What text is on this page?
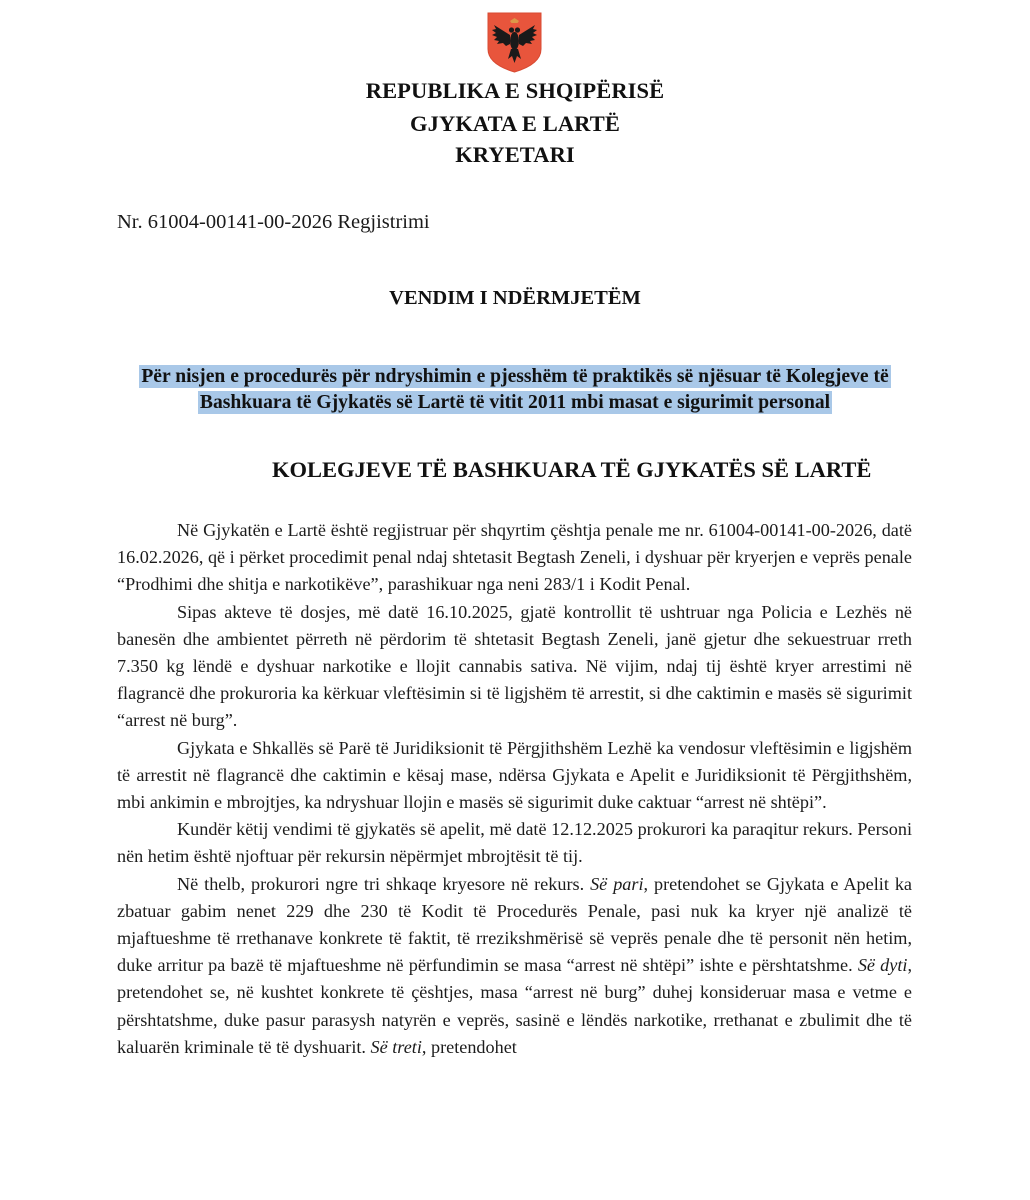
REPUBLIKA E SHQIPËRISË
GJYKATA E LARTË
KRYETARI
Nr. 61004-00141-00-2026 Regjistrimi
VENDIM I NDËRMJETËM
Për nisjen e procedurës për ndryshimin e pjesshëm të praktikës së njësuar të Kolegjeve të Bashkuara të Gjykatës së Lartë të vitit 2011 mbi masat e sigurimit personal
KOLEGJEVE TË BASHKUARA TË GJYKATËS SË LARTË

Në Gjykatën e Lartë është regjistruar për shqyrtim çështja penale me nr. 61004-00141-00-2026, datë 16.02.2026, që i përket procedimit penal ndaj shtetasit Begtash Zeneli, i dyshuar për kryerjen e veprës penale “Prodhimi dhe shitja e narkotikëve”, parashikuar nga neni 283/1 i Kodit Penal.

Sipas akteve të dosjes, më datë 16.10.2025, gjatë kontrollit të ushtruar nga Policia e Lezhës në banesën dhe ambientet përreth në përdorim të shtetasit Begtash Zeneli, janë gjetur dhe sekuestruar rreth 7.350 kg lëndë e dyshuar narkotike e llojit cannabis sativa. Në vijim, ndaj tij është kryer arrestimi në flagrancë dhe prokuroria ka kërkuar vleftësimin si të ligjshëm të arrestit, si dhe caktimin e masës së sigurimit “arrest në burg”.

Gjykata e Shkallës së Parë të Juridiksionit të Përgjithshëm Lezhë ka vendosur vleftësimin e ligjshëm të arrestit në flagrancë dhe caktimin e kësaj mase, ndërsa Gjykata e Apelit e Juridiksionit të Përgjithshëm, mbi ankimin e mbrojtjes, ka ndryshuar llojin e masës së sigurimit duke caktuar “arrest në shtëpi”.

Kundër këtij vendimi të gjykatës së apelit, më datë 12.12.2025 prokurori ka paraqitur rekurs. Personi nën hetim është njoftuar për rekursin nëpërmjet mbrojtësit të tij.

Në thelb, prokurori ngre tri shkaqe kryesore në rekurs. Së pari, pretendohet se Gjykata e Apelit ka zbatuar gabim nenet 229 dhe 230 të Kodit të Procedurës Penale, pasi nuk ka kryer një analizë të mjaftueshme të rrethanave konkrete të faktit, të rrezikshmërisë së veprës penale dhe të personit nën hetim, duke arritur pa bazë të mjaftueshme në përfundimin se masa “arrest në shtëpi” ishte e përshtatshme. Së dyti, pretendohet se, në kushtet konkrete të çështjes, masa “arrest në burg” duhej konsideruar masa e vetme e përshtatshme, duke pasur parasysh natyrën e veprës, sasinë e lëndës narkotike, rrethanat e zbulimit dhe të kaluarën kriminale të të dyshuarit. Së treti, pretendohet
